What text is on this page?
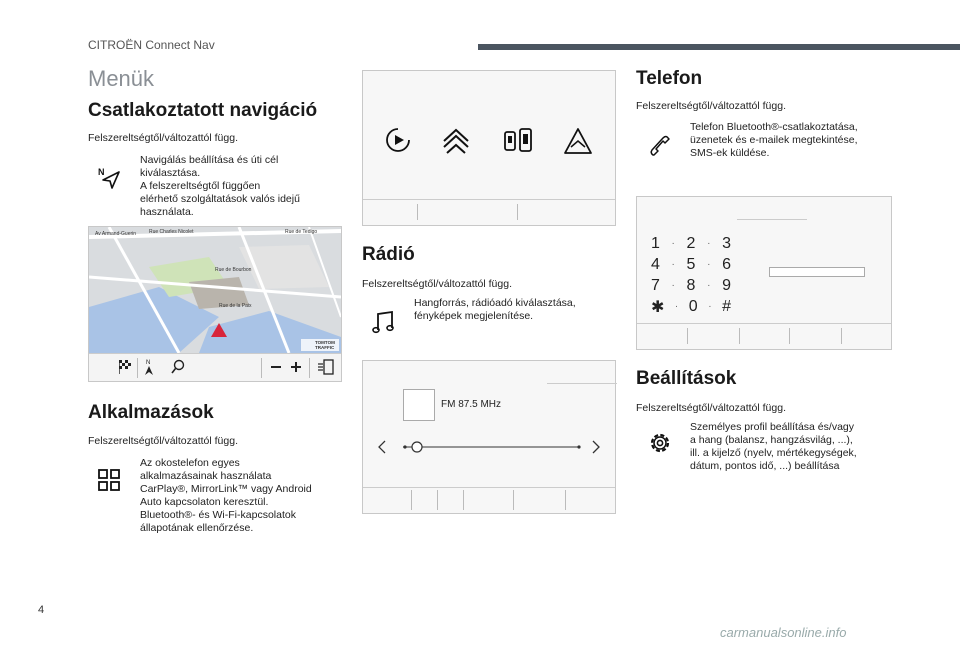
CITROËN Connect Nav
Menük
Csatlakoztatott navigáció
Felszereltségtől/változattól függ.
N
Navigálás beállítása és úti cél
kiválasztása.
A felszereltségtől függően
elérhető szolgáltatások valós idejű
használata.
Av Armand-Guerin	Rue Charles Nicolet	Rue de Tedigo
Rue de Bourbon
Rue de la Paix
TOMTOM TRAFFIC
N
Alkalmazások
Felszereltségtől/változattól függ.
Az okostelefon egyes
alkalmazásainak használata
CarPlay®, MirrorLink™ vagy Android
Auto kapcsolaton keresztül.
Bluetooth®- és Wi-Fi-kapcsolatok
állapotának ellenőrzése.
Rádió
Felszereltségtől/változattól függ.
Hangforrás, rádióadó kiválasztása,
fényképek megjelenítése.
FM 87.5 MHz
Telefon
Felszereltségtől/változattól függ.
Telefon Bluetooth®-csatlakoztatása,
üzenetek és e-mailek megtekintése,
SMS-ek küldése.
1 · 2 · 3
4 · 5 · 6
7 · 8 · 9
✱ · 0 · #
Beállítások
Felszereltségtől/változattól függ.
Személyes profil beállítása és/vagy
a hang (balansz, hangzásvilág, ...),
ill. a kijelző (nyelv, mértékegységek,
dátum, pontos idő, ...) beállítása
4
carmanualsonline.info
